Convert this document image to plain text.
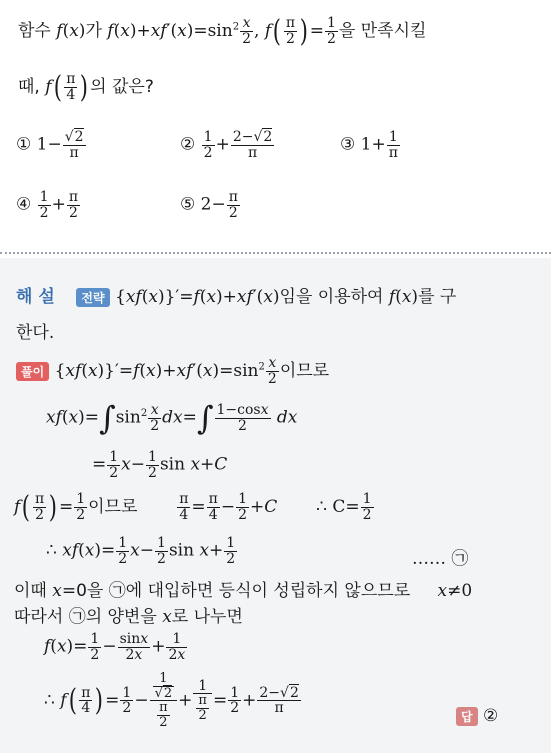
함수 f(x)가 $f(x)+xf'(x)=\sin^2 \frac{x}{2}$ , $f( \frac{\pi}{2}$ ) = $\frac{1}{2}$ 을 만족시킬
때, $f( \frac{\pi}{4}$ ) 의 값은?
① $1- \frac{√2}{\pi}$	② $\frac{1}{2} + \frac{2-√2}{\pi}$	③ $1+ \frac{1}{\pi}$
④ $\frac{1}{2} + \frac{\pi}{2}$	⑤ $2- \frac{\pi}{2}$
해 설 전략 {xf(x)}′=f(x)+xf′(x)임을 이용하여 f(x)를 구
한다.
풀이 $\{xf(x)\}'=f(x)+xf'(x)=\sin^2 \frac{x}{2}$ 이므로
$xf(x)=\int\sin^2 \frac{x}{2} dx=\int \frac{1-\cos x}{2}$ dx
= $\frac{1}{2} x- \frac{1}{2}$ sin x+C
$f( \frac{\pi}{2}$ ) = $\frac{1}{2}$ 이므로	$\frac{\pi}{4} = \frac{\pi}{4} - \frac{1}{2} +C$ ∴ $C= \frac{1}{2}$
∴ $xf(x)= \frac{1}{2} x- \frac{1}{2}$ $\sin x+ \frac{1}{2}$	…… ㉠
이때 x=0을 ㉠에 대입하면 등식이 성립하지 않으므로 x≠0
따라서 ㉠의 양변을 x로 나누면
$f(x)= \frac{1}{2} - \frac{\sin x}{2x} + \frac{1}{2x}$
∴ $f( \frac{\pi}{4}$ ) = $\frac{1}{2} - \frac{\frac{1}{√2}}{\frac{\pi}{2}} + \frac{1}{\frac{\pi}{2}} = \frac{1}{2} + \frac{2-√2}{\pi}$
답 ②
